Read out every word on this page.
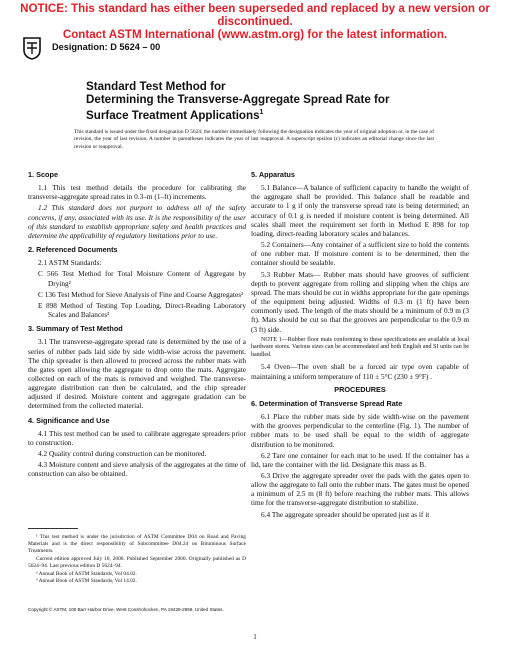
NOTICE: This standard has either been superseded and replaced by a new version or discontinued.
Contact ASTM International (www.astm.org) for the latest information.
Designation: D 5624 – 00
Standard Test Method for
Determining the Transverse-Aggregate Spread Rate for
Surface Treatment Applications$^1$
This standard is issued under the fixed designation D 5624; the number immediately following the designation indicates the year of original adoption or, in the case of revision, the year of last revision. A number in parentheses indicates the year of last reapproval. A superscript epsilon (ε) indicates an editorial change since the last revision or reapproval.
1. Scope

1.1 This test method details the procedure for calibrating the transverse-aggregate spread rates in 0.3–m (1–ft) increments.

1.2 This standard does not purport to address all of the safety concerns, if any, associated with its use. It is the responsibility of the user of this standard to establish appropriate safety and health practices and determine the applicability of regulatory limitations prior to use.

2. Referenced Documents

2.1 ASTM Standards:

C 566 Test Method for Total Moisture Content of Aggregate by Drying²

C 136 Test Method for Sieve Analysis of Fine and Coarse Aggregates²

E 898 Method of Testing Top Loading, Direct-Reading Laboratory Scales and Balances³

3. Summary of Test Method

3.1 The transverse-aggregate spread rate is determined by the use of a series of rubber pads laid side by side width-wise across the pavement. The chip spreader is then allowed to proceed across the rubber mats with the gates open allowing the aggregate to drop onto the mats. Aggregate collected on each of the mats is removed and weighed. The transverse-aggregate distribution can then be calculated, and the chip spreader adjusted if desired. Moisture content and aggregate gradation can be determined from the collected material.

4. Significance and Use

4.1 This test method can be used to calibrate aggregate spreaders prior to construction.

4.2 Quality control during construction can be monitored.

4.3 Moisture content and sieve analysis of the aggregates at the time of construction can also be obtained.

5. Apparatus

5.1 Balance—A balance of sufficient capacity to handle the weight of the aggregate shall be provided. This balance shall be readable and accurate to 1 g if only the transverse spread rate is being determined; an accuracy of 0.1 g is needed if moisture content is being determined. All scales shall meet the requirement set forth in Method E 898 for top loading, direct-reading laboratory scales and balances.

5.2 Containers—Any container of a sufficient size to hold the contents of one rubber mat. If moisture content is to be determined, then the container should be sealable.

5.3 Rubber Mats— Rubber mats should have grooves of sufficient depth to prevent aggregate from rolling and slipping when the chips are spread. The mats should be cut in widths appropriate for the gate openings of the equipment being adjusted. Widths of 0.3 m (1 ft) have been commonly used. The length of the mats should be a minimum of 0.9 m (3 ft). Mats should be cut so that the grooves are perpendicular to the 0.9 m (3 ft) side.

NOTE 1—Rubber floor mats conforming to these specifications are available at local hardware stores. Various sizes can be accommodated and both English and SI units can be handled.

5.4 Oven—The oven shall be a forced air type oven capable of maintaining a uniform temperature of 110 ± 5°C (230 ± 9°F) .

PROCEDURES
6. Determination of Transverse Spread Rate

6.1 Place the rubber mats side by side width-wise on the pavement with the grooves perpendicular to the centerline (Fig. 1). The number of rubber mats to be used shall be equal to the width of aggregate distribution to be monitored.

6.2 Tare one container for each mat to be used. If the container has a lid, tare the container with the lid. Designate this mass as B.

6.3 Drive the aggregate spreader over the pads with the gates open to allow the aggregate to fall onto the rubber mats. The gates must be opened a minimum of 2.5 m (8 ft) before reaching the rubber mats. This allows time for the transverse-aggregate distribution to stabilize.

6.4 The aggregate spreader should be operated just as if it

¹ This test method is under the jurisdiction of ASTM Committee D04 on Road and Paving Materials and is the direct responsibility of Subcommittee D04.24 on Bituminous Surface Treatments.

Current edition approved July 10, 2000. Published September 2000. Originally published as D 5624–94. Last previous edition D 5624–94.

² Annual Book of ASTM Standards, Vol 04.02.

³ Annual Book of ASTM Standards, Vol 14.02.

Copyright © ASTM, 100 Barr Harbor Drive, West Conshohocken, PA 19428-2959, United States.
1
